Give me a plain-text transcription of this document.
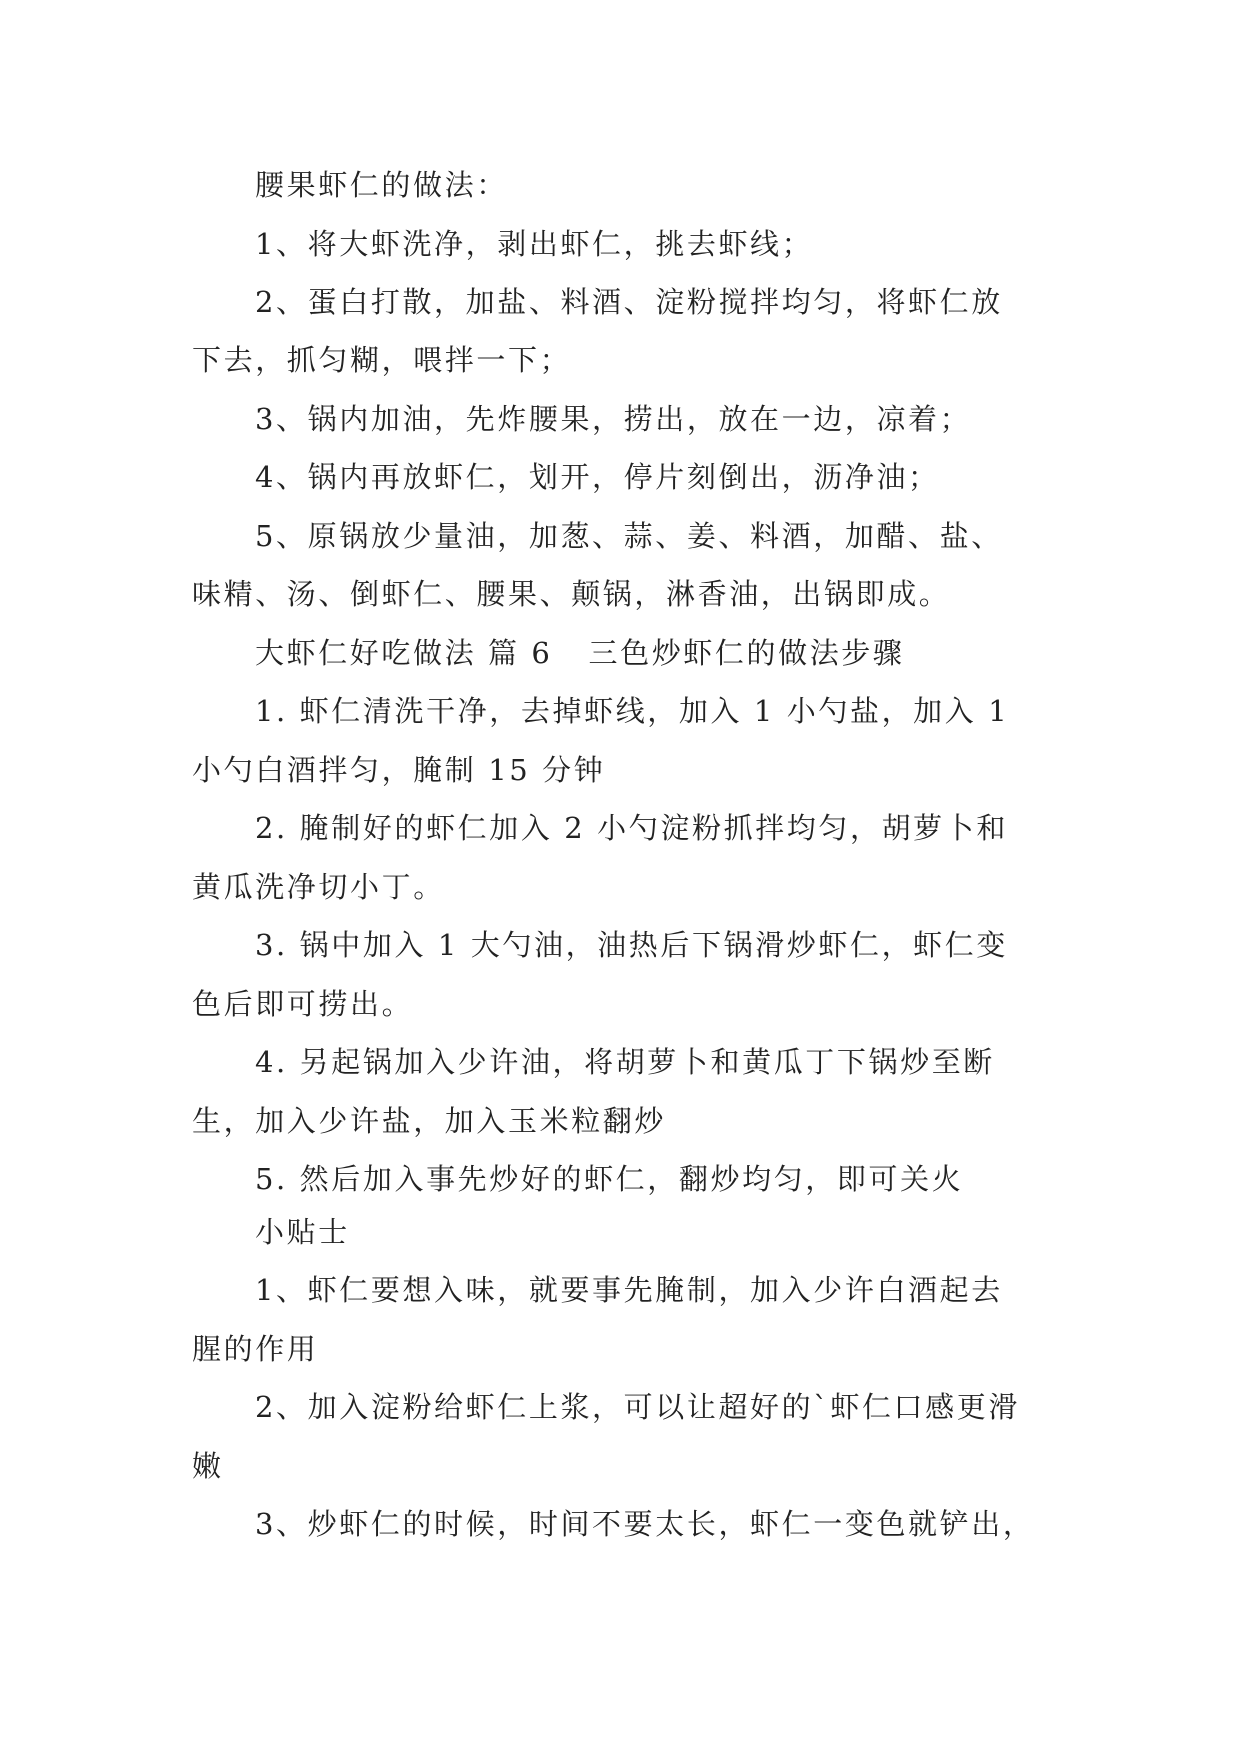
腰果虾仁的做法：
1、将大虾洗净，剥出虾仁，挑去虾线；
2、蛋白打散，加盐、料酒、淀粉搅拌均匀，将虾仁放
下去，抓匀糊，喂拌一下；
3、锅内加油，先炸腰果，捞出，放在一边，凉着；
4、锅内再放虾仁，划开，停片刻倒出，沥净油；
5、原锅放少量油，加葱、蒜、姜、料酒，加醋、盐、
味精、汤、倒虾仁、腰果、颠锅，淋香油，出锅即成。
大虾仁好吃做法 篇 6 三色炒虾仁的做法步骤
1. 虾仁清洗干净，去掉虾线，加入 1 小勺盐，加入 1
小勺白酒拌匀，腌制 15 分钟
2. 腌制好的虾仁加入 2 小勺淀粉抓拌均匀，胡萝卜和
黄瓜洗净切小丁。
3. 锅中加入 1 大勺油，油热后下锅滑炒虾仁，虾仁变
色后即可捞出。
4. 另起锅加入少许油，将胡萝卜和黄瓜丁下锅炒至断
生，加入少许盐，加入玉米粒翻炒
5. 然后加入事先炒好的虾仁，翻炒均匀，即可关火
小贴士
1、虾仁要想入味，就要事先腌制，加入少许白酒起去
腥的作用
2、加入淀粉给虾仁上浆，可以让超好的`虾仁口感更滑
嫩
3、炒虾仁的时候，时间不要太长，虾仁一变色就铲出，
